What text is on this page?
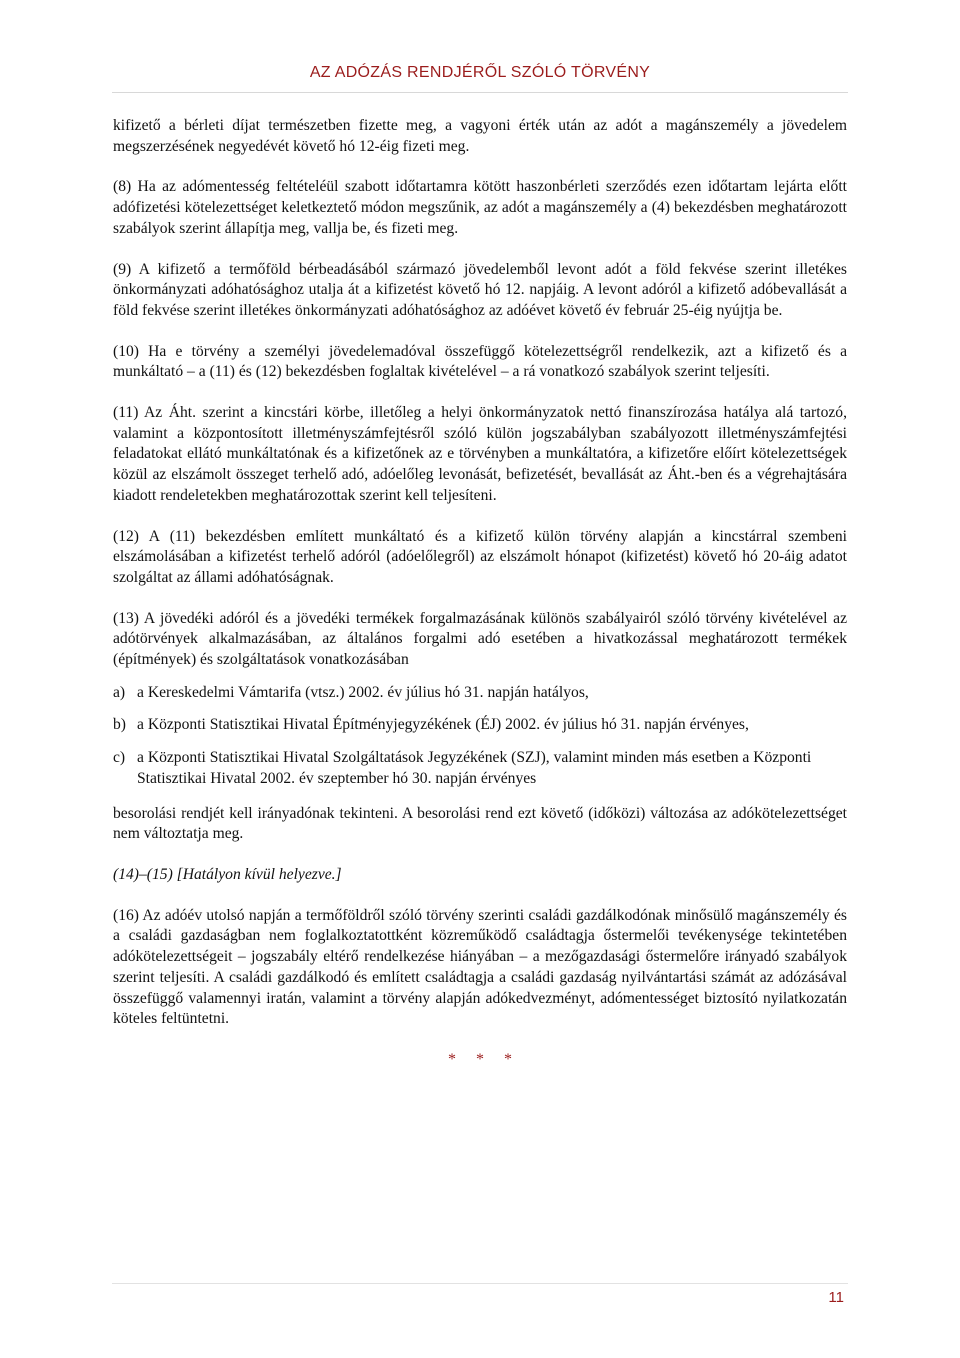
AZ ADÓZÁS RENDJÉRŐL SZÓLÓ TÖRVÉNY

kifizető a bérleti díjat természetben fizette meg, a vagyoni érték után az adót a magánszemély a jövedelem megszerzésének negyedévét követő hó 12-éig fizeti meg.

(8) Ha az adómentesség feltételéül szabott időtartamra kötött haszonbérleti szerződés ezen időtartam lejárta előtt adófizetési kötelezettséget keletkeztető módon megszűnik, az adót a magánszemély a (4) bekezdésben meghatározott szabályok szerint állapítja meg, vallja be, és fizeti meg.

(9) A kifizető a termőföld bérbeadásából származó jövedelemből levont adót a föld fekvése szerint illetékes önkormányzati adóhatósághoz utalja át a kifizetést követő hó 12. napjáig. A levont adóról a kifizető adóbevallását a föld fekvése szerint illetékes önkormányzati adóhatósághoz az adóévet követő év február 25-éig nyújtja be.

(10) Ha e törvény a személyi jövedelemadóval összefüggő kötelezettségről rendelkezik, azt a kifizető és a munkáltató ‒ a (11) és (12) bekezdésben foglaltak kivételével ‒ a rá vonatkozó szabályok szerint teljesíti.

(11) Az Áht. szerint a kincstári körbe, illetőleg a helyi önkormányzatok nettó finanszírozása hatálya alá tartozó, valamint a központosított illetményszámfejtésről szóló külön jogszabályban szabályozott illetményszámfejtési feladatokat ellátó munkáltatónak és a kifizetőnek az e törvényben a munkáltatóra, a kifizetőre előírt kötelezettségek közül az elszámolt összeget terhelő adó, adóelőleg levonását, befizetését, bevallását az Áht.-ben és a végrehajtására kiadott rendeletekben meghatározottak szerint kell teljesíteni.

(12) A (11) bekezdésben említett munkáltató és a kifizető külön törvény alapján a kincstárral szembeni elszámolásában a kifizetést terhelő adóról (adóelőlegről) az elszámolt hónapot (kifizetést) követő hó 20-áig adatot szolgáltat az állami adóhatóságnak.

(13) A jövedéki adóról és a jövedéki termékek forgalmazásának különös szabályairól szóló törvény kivételével az adótörvények alkalmazásában, az általános forgalmi adó esetében a hivatkozással meghatározott termékek (építmények) és szolgáltatások vonatkozásában

a) a Kereskedelmi Vámtarifa (vtsz.) 2002. év július hó 31. napján hatályos,
b) a Központi Statisztikai Hivatal Építményjegyzékének (ÉJ) 2002. év július hó 31. napján érvényes,
c) a Központi Statisztikai Hivatal Szolgáltatások Jegyzékének (SZJ), valamint minden más esetben a Központi Statisztikai Hivatal 2002. év szeptember hó 30. napján érvényes

besorolási rendjét kell irányadónak tekinteni. A besorolási rend ezt követő (időközi) változása az adókötelezettséget nem változtatja meg.

(14)–(15) [Hatályon kívül helyezve.]

(16) Az adóév utolsó napján a termőföldről szóló törvény szerinti családi gazdálkodónak minősülő magánszemély és a családi gazdaságban nem foglalkoztatottként közreműködő családtagja őstermelői tevékenysége tekintetében adókötelezettségeit ‒ jogszabály eltérő rendelkezése hiányában ‒ a mezőgazdasági őstermelőre irányadó szabályok szerint teljesíti. A családi gazdálkodó és említett családtagja a családi gazdaság nyilvántartási számát az adózásával összefüggő valamennyi iratán, valamint a törvény alapján adókedvezményt, adómentességet biztosító nyilatkozatán köteles feltüntetni.

* * *
11
